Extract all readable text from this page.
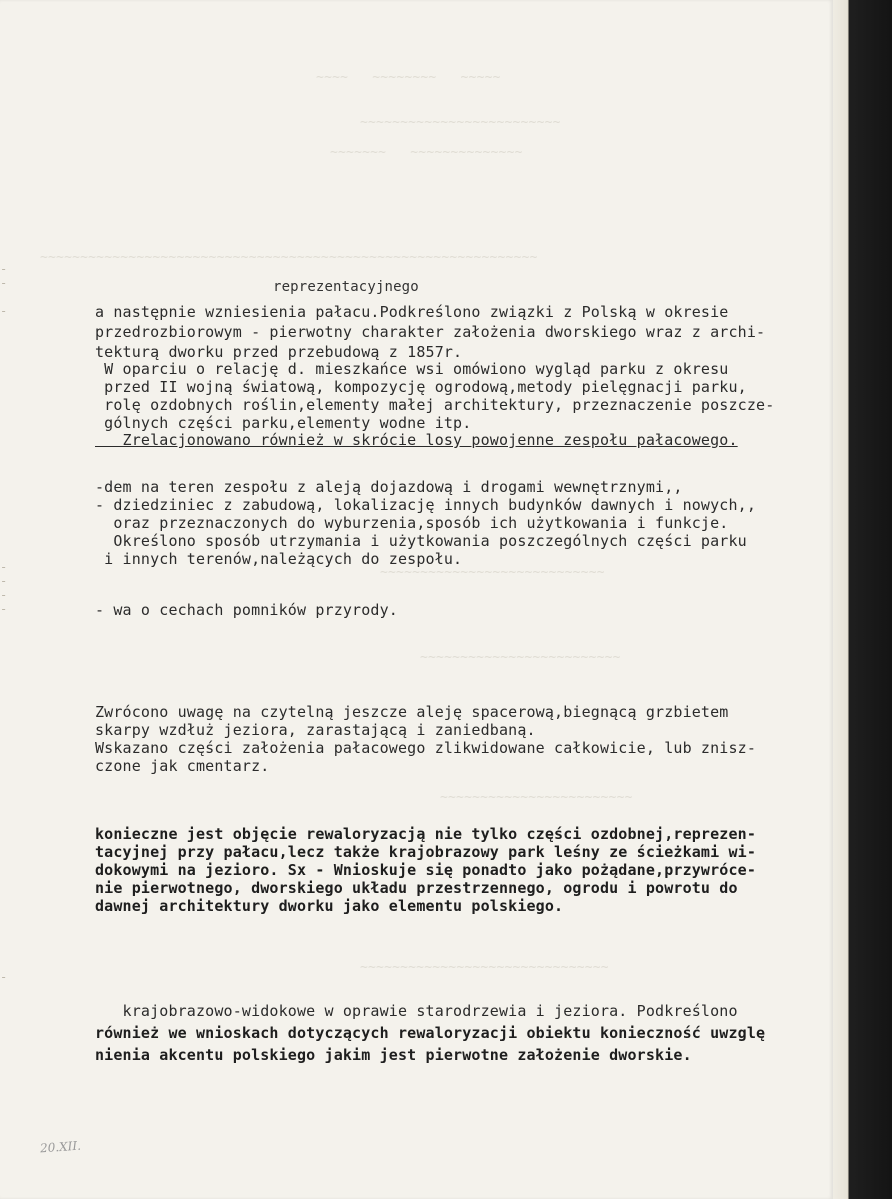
~~~~   ~~~~~~~~   ~~~~~
~~~~~~~~~~~~~~~~~~~~~~~~~
~~~~~~~   ~~~~~~~~~~~~~~
~~~~~~~~~~~~~~~~~~~~~~~~~~~~~~~~~~~~~~~~~~~~~~~~~~~~~~~~~~~~~~
~~~~~~~~~~~~~~~~~~~~~~~~~~~~
~~~~~~~~~~~~~~~~~~~~~~~~~
~~~~~~~~~~~~~~~~~~~~~~~~
~~~~~~~~~~~~~~~~~~~~~~~~~~~~~~~
-
-

-
-
-
-
-
-
reprezentacyjnego
a następnie wzniesienia pałacu.Podkreślono związki z Polską w okresie
przedrozbiorowym - pierwotny charakter założenia dworskiego wraz z archi-
tekturą dworku przed przebudową z 1857r.
W oparciu o relację d. mieszkańce wsi omówiono wygląd parku z okresu
przed II wojną światową, kompozycję ogrodową,metody pielęgnacji parku,
rolę ozdobnych roślin,elementy małej architektury, przeznaczenie poszcze-
gólnych części parku,elementy wodne itp.
Zrelacjonowano również w skrócie losy powojenne zespołu pałacowego.
-dem na teren zespołu z aleją dojazdową i drogami wewnętrznymi,,
- dziedziniec z zabudową, lokalizację innych budynków dawnych i nowych,,
oraz przeznaczonych do wyburzenia,sposób ich użytkowania i funkcje.
Określono sposób utrzymania i użytkowania poszczególnych części parku
i innych terenów,należących do zespołu.
- wa o cechach pomników przyrody.
Zwrócono uwagę na czytelną jeszcze aleję spacerową,biegnącą grzbietem
skarpy wzdłuż jeziora, zarastającą i zaniedbaną.
Wskazano części założenia pałacowego zlikwidowane całkowicie, lub znisz-
czone jak cmentarz.
konieczne jest objęcie rewaloryzacją nie tylko części ozdobnej,reprezen-
tacyjnej przy pałacu,lecz także krajobrazowy park leśny ze ścieżkami wi-
dokowymi na jezioro. Sx - Wnioskuje się ponadto jako pożądane,przywróce-
nie pierwotnego, dworskiego układu przestrzennego, ogrodu i powrotu do
dawnej architektury dworku jako elementu polskiego.
krajobrazowo-widokowe w oprawie starodrzewia i jeziora. Podkreślono
również we wnioskach dotyczących rewaloryzacji obiektu konieczność uwzglę
nienia akcentu polskiego jakim jest pierwotne założenie dworskie.
20.XII.
